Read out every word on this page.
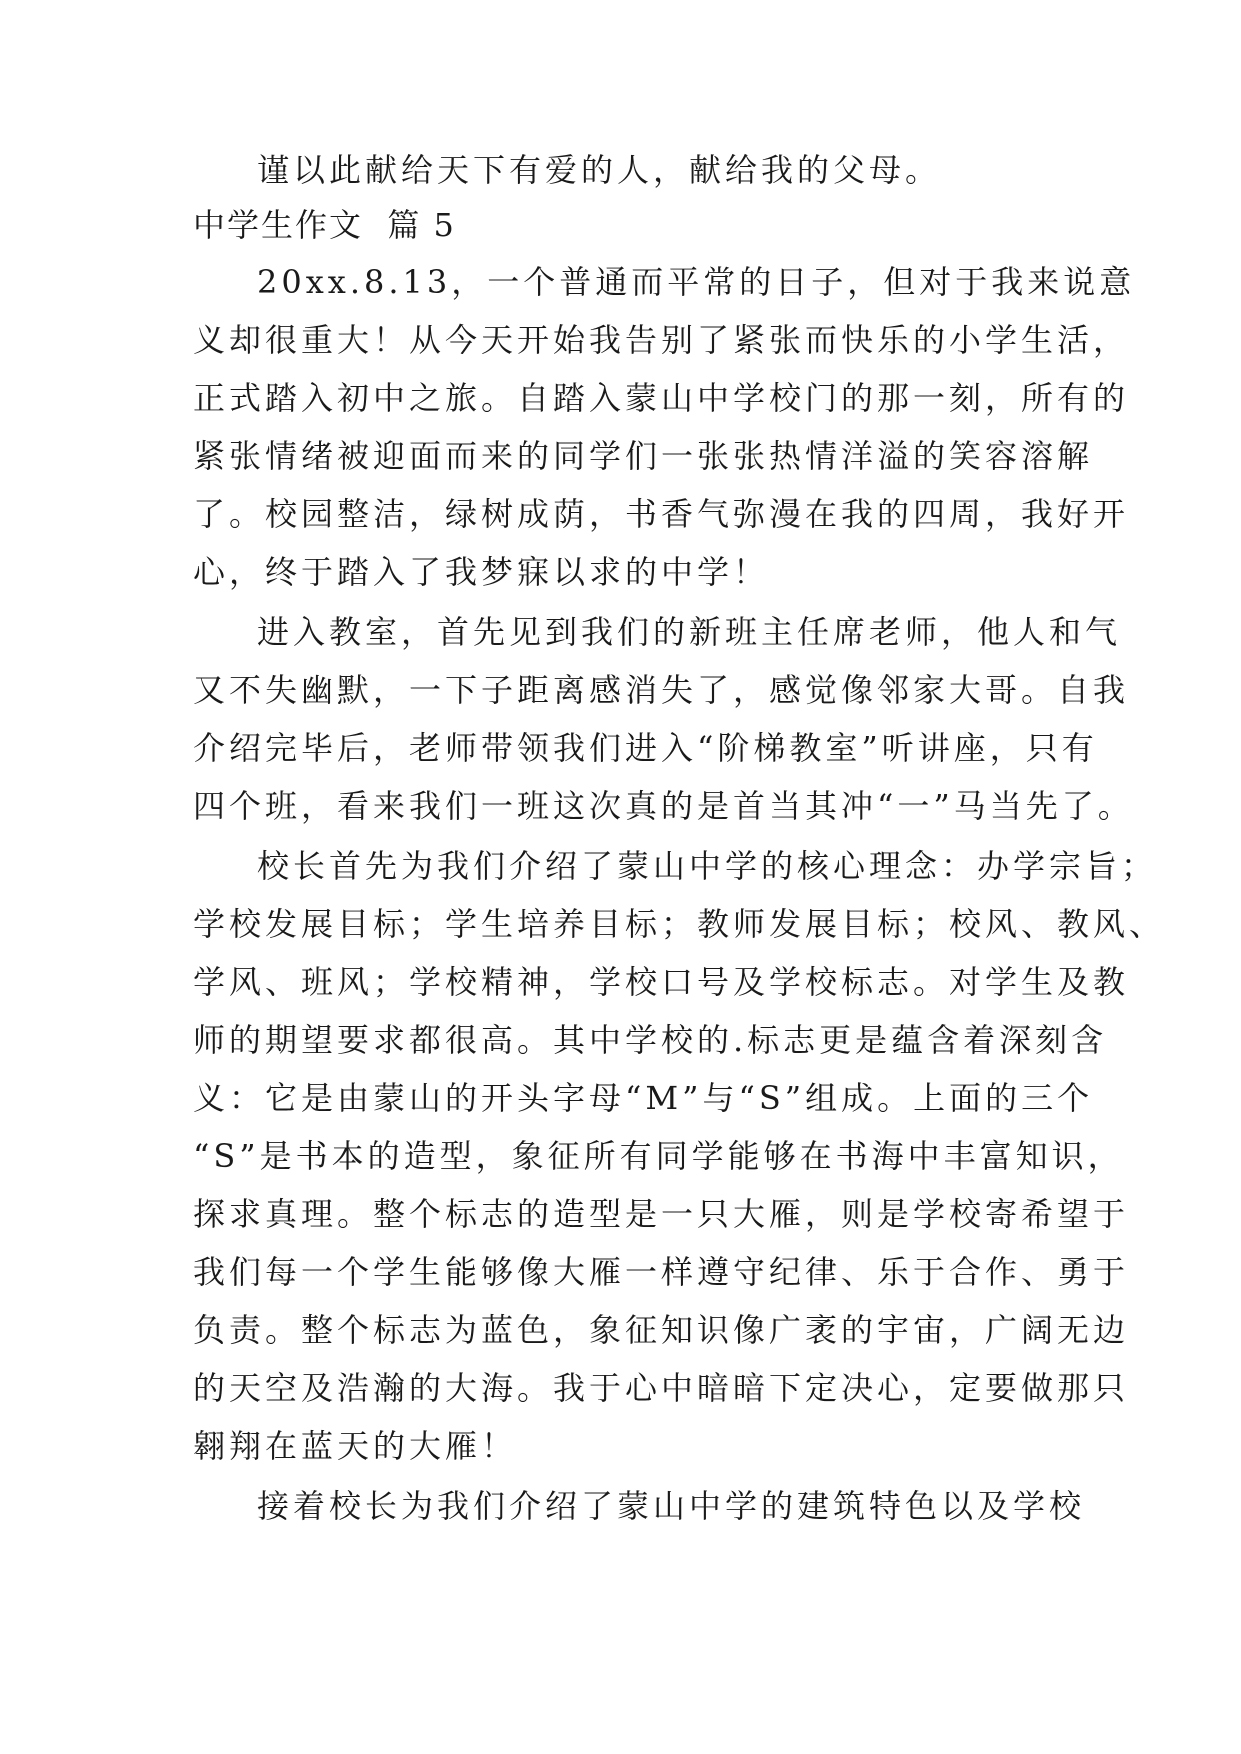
谨以此献给天下有爱的人，献给我的父母。
中学生作文  篇 5
20xx.8.13，一个普通而平常的日子，但对于我来说意
义却很重大！从今天开始我告别了紧张而快乐的小学生活，
正式踏入初中之旅。自踏入蒙山中学校门的那一刻，所有的
紧张情绪被迎面而来的同学们一张张热情洋溢的笑容溶解
了。校园整洁，绿树成荫，书香气弥漫在我的四周，我好开
心，终于踏入了我梦寐以求的中学！
进入教室，首先见到我们的新班主任席老师，他人和气
又不失幽默，一下子距离感消失了，感觉像邻家大哥。自我
介绍完毕后，老师带领我们进入“阶梯教室”听讲座，只有
四个班，看来我们一班这次真的是首当其冲“一”马当先了。
校长首先为我们介绍了蒙山中学的核心理念：办学宗旨；
学校发展目标；学生培养目标；教师发展目标；校风、教风、
学风、班风；学校精神，学校口号及学校标志。对学生及教
师的期望要求都很高。其中学校的.标志更是蕴含着深刻含
义：它是由蒙山的开头字母“M”与“S”组成。上面的三个
“S”是书本的造型，象征所有同学能够在书海中丰富知识，
探求真理。整个标志的造型是一只大雁，则是学校寄希望于
我们每一个学生能够像大雁一样遵守纪律、乐于合作、勇于
负责。整个标志为蓝色，象征知识像广袤的宇宙，广阔无边
的天空及浩瀚的大海。我于心中暗暗下定决心，定要做那只
翱翔在蓝天的大雁！
接着校长为我们介绍了蒙山中学的建筑特色以及学校
